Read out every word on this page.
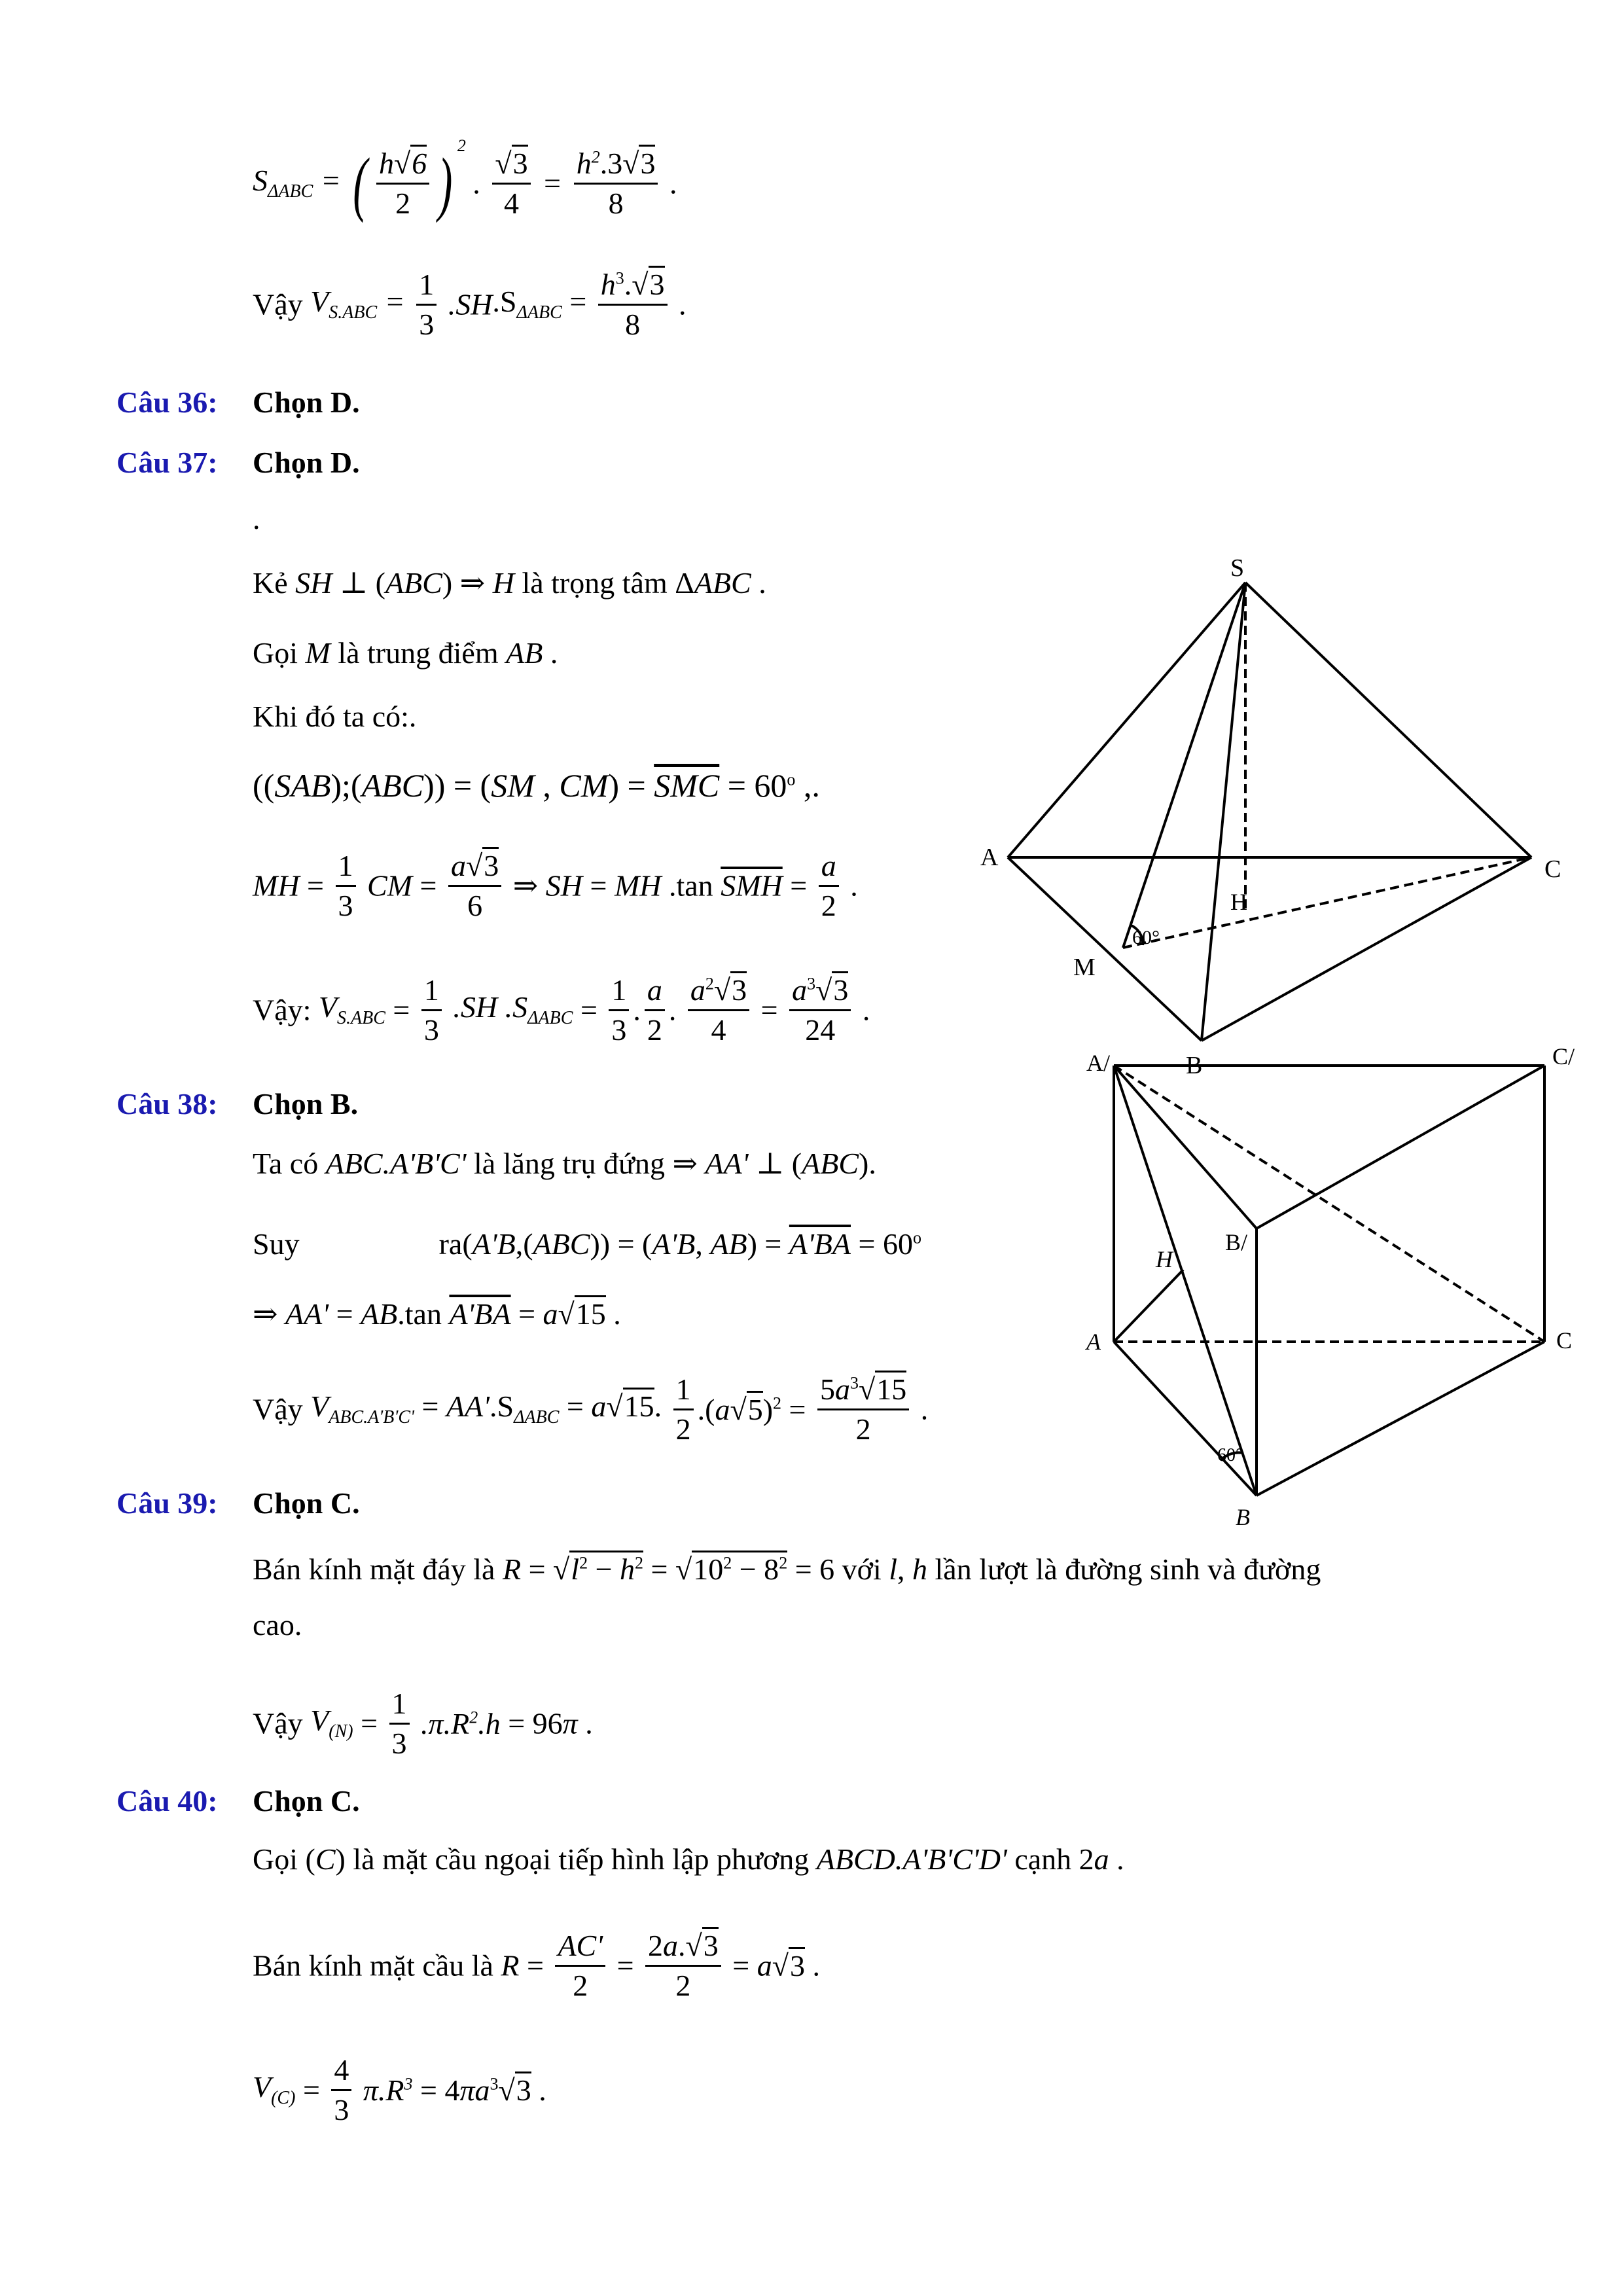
$S_{\Delta ABC}$ = ( $\frac{h√6}{2}$ ) $^2$ . $\frac{√3}{4} = \frac{h^2.3√3}{8}$ .
Vậy $V_{S.ABC} = \frac{1}{3} .SH.S_{\Delta ABC} = \frac{h^3.√3}{8}$ .
Câu 36: Chọn D.
Câu 37: Chọn D.
.
Kẻ SH ⊥ (ABC) ⇒ H là trọng tâm ΔABC .
Gọi M là trung điểm AB .
Khi đó ta có:.
((SAB);(ABC)) = (SM , $CM) = \overline{SMC} = 60^o$ ,.
MH = $\frac{1}{3}$ CM = $\frac{a√3}{6}$ ⇒ SH = MH .tan $\overline{SMH} = \frac{a}{2}$ .
Vậy: $V_{S.ABC} = \frac{1}{3} .SH$ $.S_{\Delta ABC} = \frac{1}{3}$ . $\frac{a}{2}$ . $\frac{a^2√3}{4} = \frac{a^3√3}{24}$ .
Câu 38: Chọn B.
Ta có ABC.A'B'C' là lăng trụ đứng ⇒ AA' ⊥ (ABC).
Suy	ra(A'B,(ABC)) = (A'B, $AB) = A'BA = 60^o$
⇒ AA' = AB.tan A'BA = a√15 .
Vậy $V_{ABC.A'B'C'} = AA'.S_{\Delta ABC} = a√15$. $\frac{1}{2} .(a√5)^2 = \frac{5a^3√15}{2}$ .
Câu 39: Chọn C.
Bán kính mặt đáy là $R = √l^2 - h^2 = √10^2 - 8^2 = 6$ với l, h lần lượt là đường sinh và đường
cao.
Vậy $V_{(N)} = \frac{1}{3} .\pi.R^2.h = 96\pi$ .
Câu 40: Chọn C.
Gọi (C) là mặt cầu ngoại tiếp hình lập phương ABCD.A'B'C'D' cạnh 2a .
Bán kính mặt cầu là $R = \frac{AC'}{2} = \frac{2a.√3}{2} = a√3$ .
$V_{(C)} = \frac{4}{3} \pi.R^3 = 4\pi a^3√3$ .
S
A	C
H
M
B
60°
A/	C/
B/
H
A	C
B
60°
